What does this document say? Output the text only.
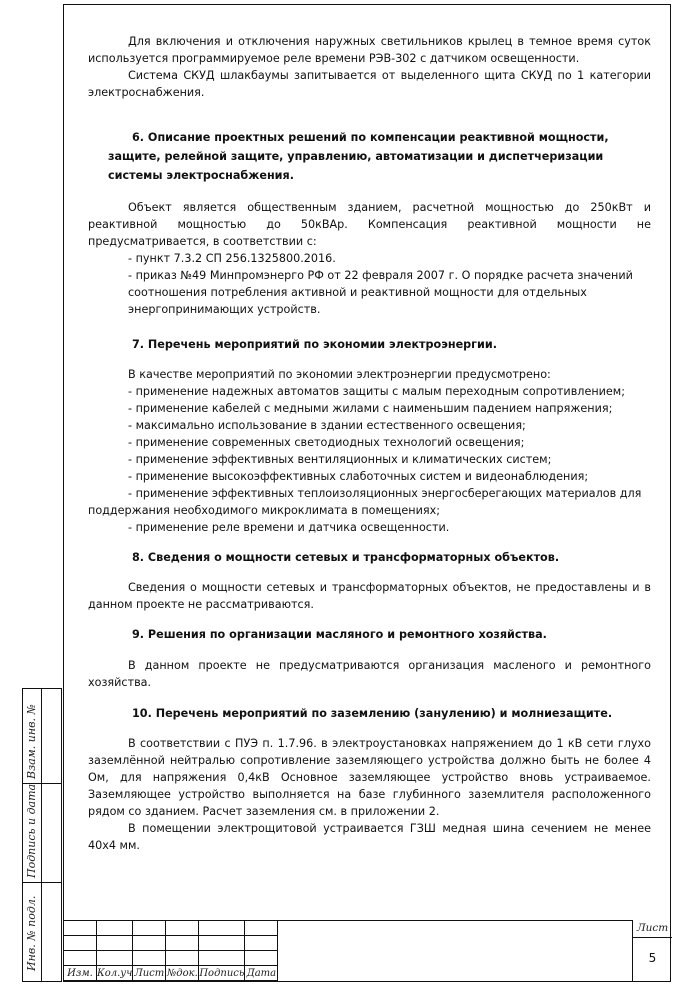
Для включения и отключения наружных светильников крылец в темное время суток используется программируемое реле времени РЭВ-302 с датчиком освещенности.

Система СКУД шлакбаумы запитывается от выделенного щита СКУД по 1 категории электроснабжения.

6. Описание проектных решений по компенсации реактивной мощности, защите, релейной защите, управлению, автоматизации и диспетчеризации системы электроснабжения.

Объект является общественным зданием, расчетной мощностью до 250кВт и реактивной мощностью до 50кВАр. Компенсация реактивной мощности не предусматривается, в соответствии с:

- пункт 7.3.2 СП 256.1325800.2016.

- приказ №49 Минпромэнерго РФ от 22 февраля 2007 г. О порядке расчета значений

соотношения потребления активной и реактивной мощности для отдельных

энергопринимающих устройств.

7. Перечень мероприятий по экономии электроэнергии.

В качестве мероприятий по экономии электроэнергии предусмотрено:

- применение надежных автоматов защиты с малым переходным сопротивлением;

- применение кабелей с медными жилами с наименьшим падением напряжения;

- максимально использование в здании естественного освещения;

- применение современных светодиодных технологий освещения;

- применение эффективных вентиляционных и климатических систем;

- применение высокоэффективных слаботочных систем и видеонаблюдения;

- применение эффективных теплоизоляционных энергосберегающих материалов для

поддержания необходимого микроклимата в помещениях;

- применение реле времени и датчика освещенности.

8. Сведения о мощности сетевых и трансформаторных объектов.

Сведения о мощности сетевых и трансформаторных объектов, не предоставлены и в данном проекте не рассматриваются.

9. Решения по организации масляного и ремонтного хозяйства.

В данном проекте не предусматриваются организация масленого и ремонтного хозяйства.

10. Перечень мероприятий по заземлению (занулению) и молниезащите.

В соответствии с ПУЭ п. 1.7.96. в электроустановках напряжением до 1 кВ сети глухо заземлённой нейтралью сопротивление заземляющего устройства должно быть не более 4 Ом, для напряжения 0,4кВ Основное заземляющее устройство вновь устраиваемое. Заземляющее устройство выполняется на базе глубинного заземлителя расположенного рядом со зданием. Расчет заземления см. в приложении 2.

В помещении электрощитовой устраивается ГЗШ медная шина сечением не менее 40х4 мм.

Взам. инв. №
Подпись и дата
Инв. № подл.

Изм.	Кол.уч	Лист	№док.	Подпись	Дата
Лист
5
